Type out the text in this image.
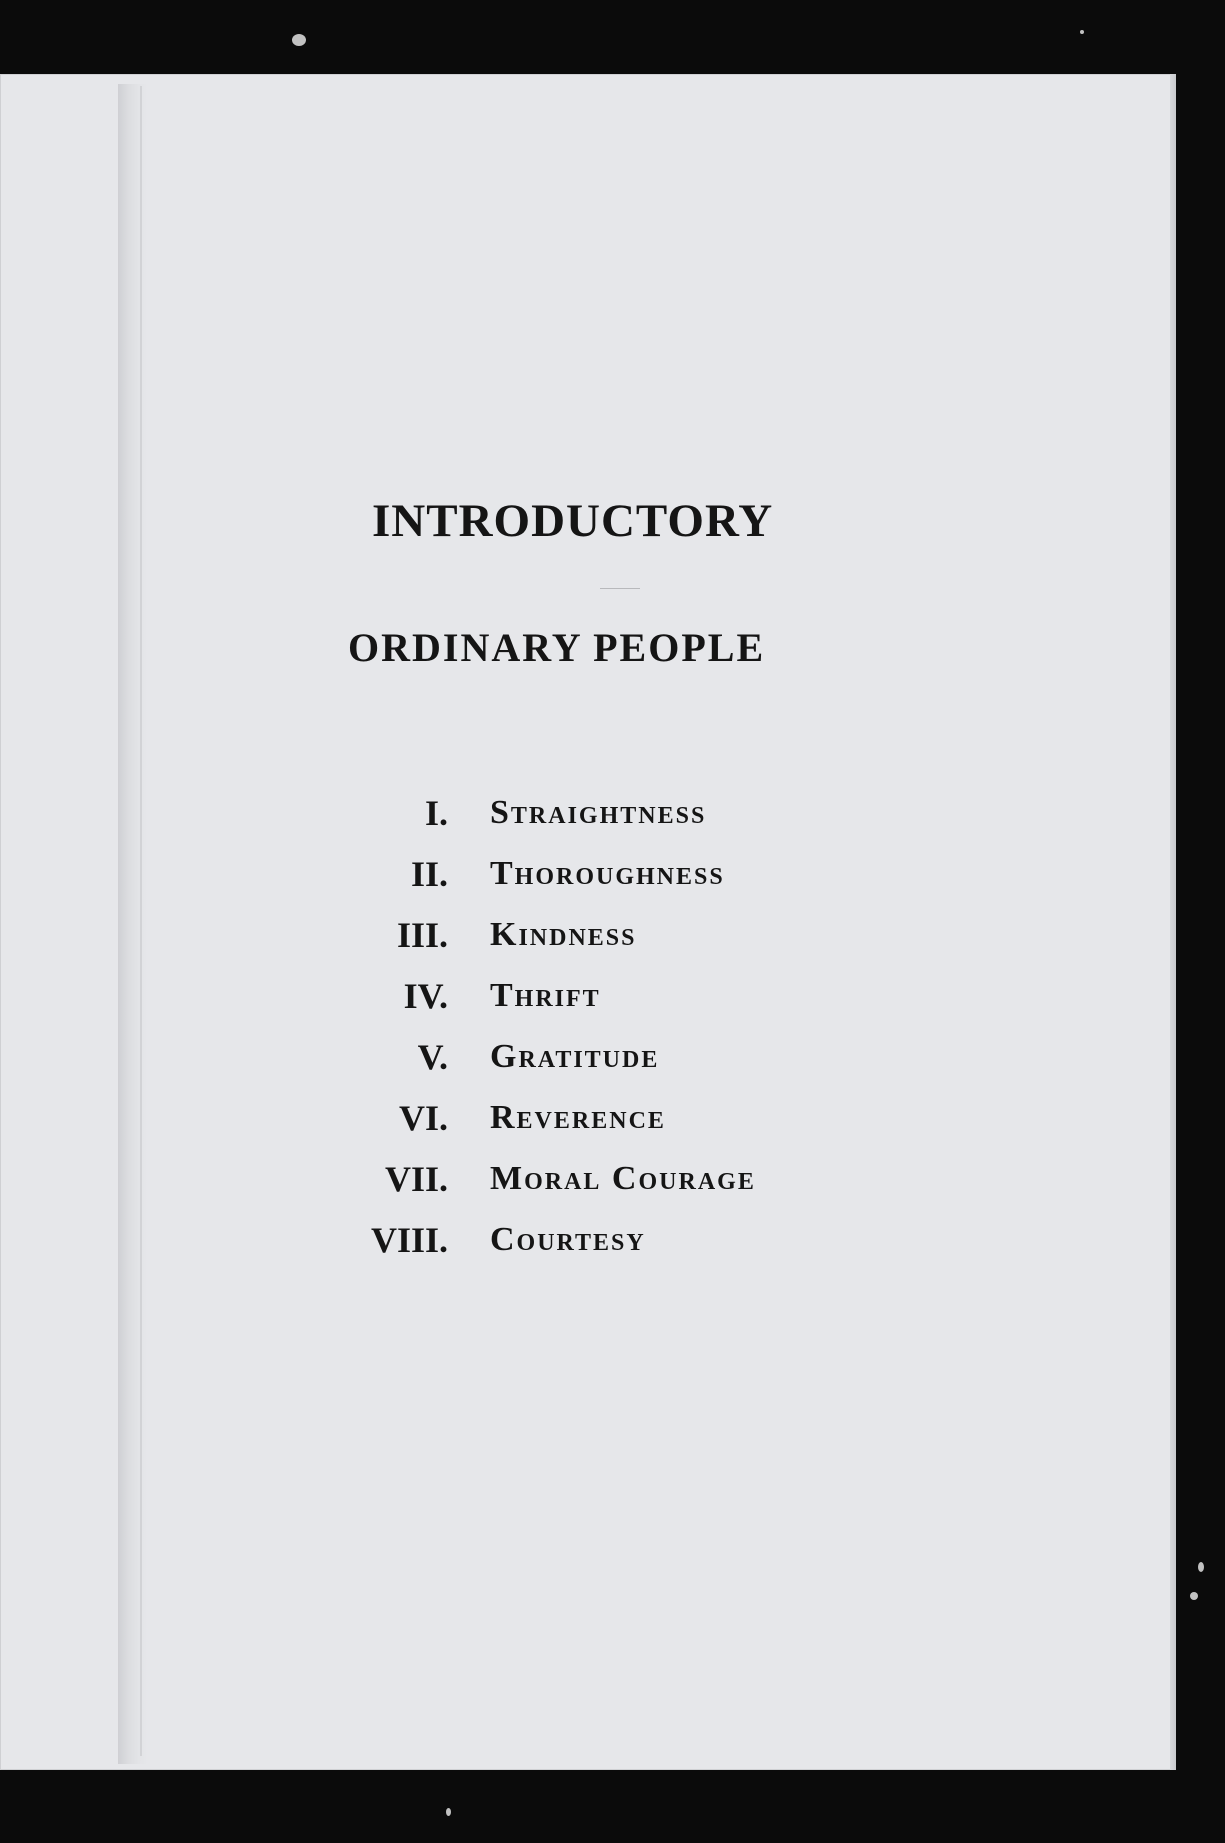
INTRODUCTORY
ORDINARY PEOPLE
I. Straightness
II. Thoroughness
III. Kindness
IV. Thrift
V. Gratitude
VI. Reverence
VII. Moral Courage
VIII. Courtesy
